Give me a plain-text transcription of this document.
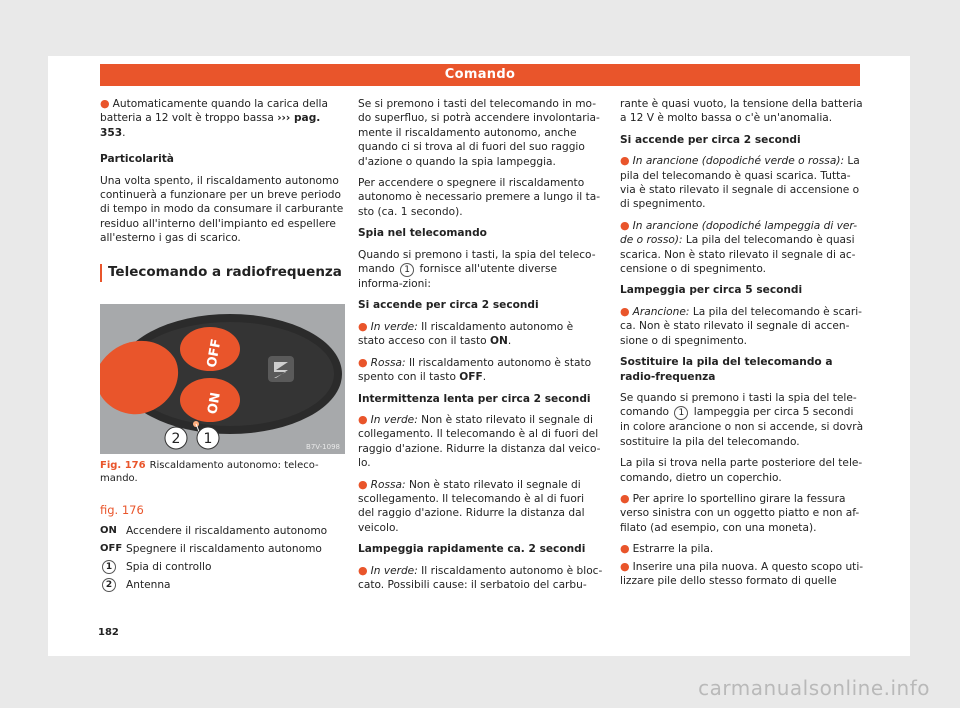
Comando

● Automaticamente quando la carica della batteria a 12 volt è troppo bassa ››› pag. 353.

Particolarità

Una volta spento, il riscaldamento autonomo continuerà a funzionare per un breve periodo di tempo in modo da consumare il carburante residuo all'interno dell'impianto ed espellere all'esterno i gas di scarico.

Telecomando a radiofrequenza
OFF
ON
1
2	B7V-1098
Fig. 176 Riscaldamento autonomo: teleco-mando.
fig. 176
ON Accendere il riscaldamento autonomo
OFF Spegnere il riscaldamento autonomo
1	Spia di controllo
2	Antenna

Se si premono i tasti del telecomando in mo-do superfluo, si potrà accendere involontaria-mente il riscaldamento autonomo, anche quando ci si trova al di fuori del suo raggio d'azione o quando la spia lampeggia.

Per accendere o spegnere il riscaldamento autonomo è necessario premere a lungo il ta-sto (ca. 1 secondo).

Spia nel telecomando

Quando si premono i tasti, la spia del teleco-mando 1 fornisce all'utente diverse informa-zioni:

Si accende per circa 2 secondi

● In verde: Il riscaldamento autonomo è stato acceso con il tasto ON.

● Rossa: Il riscaldamento autonomo è stato spento con il tasto OFF.

Intermittenza lenta per circa 2 secondi

● In verde: Non è stato rilevato il segnale di collegamento. Il telecomando è al di fuori del raggio d'azione. Ridurre la distanza dal veico-lo.

● Rossa: Non è stato rilevato il segnale di scollegamento. Il telecomando è al di fuori del raggio d'azione. Ridurre la distanza dal veicolo.

Lampeggia rapidamente ca. 2 secondi

● In verde: Il riscaldamento autonomo è bloc-cato. Possibili cause: il serbatoio del carbu-

rante è quasi vuoto, la tensione della batteria a 12 V è molto bassa o c'è un'anomalia.

Si accende per circa 2 secondi

● In arancione (dopodiché verde o rossa): La pila del telecomando è quasi scarica. Tutta-via è stato rilevato il segnale di accensione o di spegnimento.

● In arancione (dopodiché lampeggia di ver-de o rosso): La pila del telecomando è quasi scarica. Non è stato rilevato il segnale di ac-censione o di spegnimento.

Lampeggia per circa 5 secondi

● Arancione: La pila del telecomando è scari-ca. Non è stato rilevato il segnale di accen-sione o di spegnimento.

Sostituire la pila del telecomando a radio-frequenza

Se quando si premono i tasti la spia del tele-comando 1 lampeggia per circa 5 secondi in colore arancione o non si accende, si dovrà sostituire la pila del telecomando.

La pila si trova nella parte posteriore del tele-comando, dietro un coperchio.

● Per aprire lo sportellino girare la fessura verso sinistra con un oggetto piatto e non af-filato (ad esempio, con una moneta).

● Estrarre la pila.

● Inserire una pila nuova. A questo scopo uti-lizzare pile dello stesso formato di quelle

182
carmanualsonline.info
